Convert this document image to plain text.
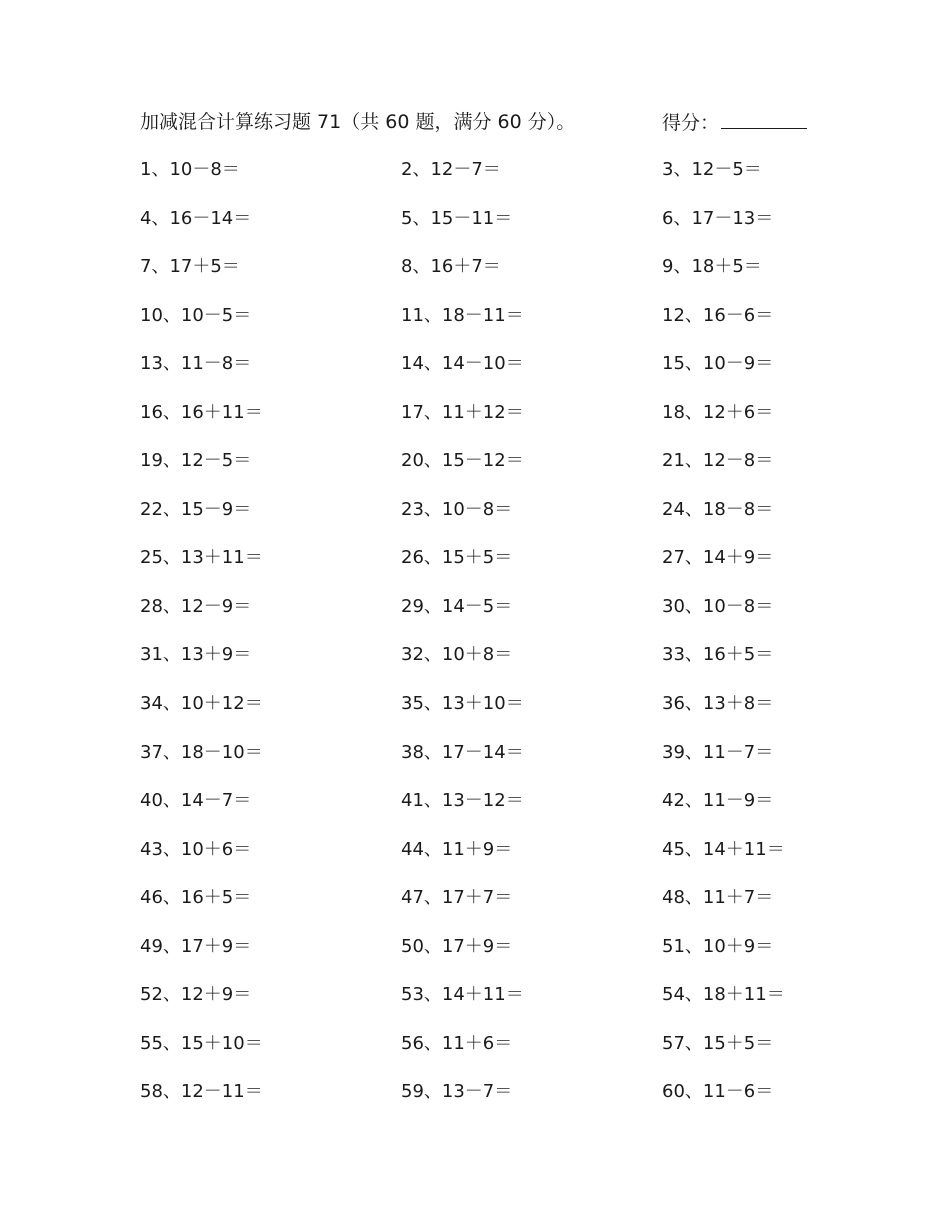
加减混合计算练习题 71（共 60 题，满分 60 分）。	得分：
1、10－8＝	2、12－7＝	3、12－5＝
4、16－14＝	5、15－11＝	6、17－13＝
7、17＋5＝	8、16＋7＝	9、18＋5＝
10、10－5＝	11、18－11＝	12、16－6＝
13、11－8＝	14、14－10＝	15、10－9＝
16、16＋11＝	17、11＋12＝	18、12＋6＝
19、12－5＝	20、15－12＝	21、12－8＝
22、15－9＝	23、10－8＝	24、18－8＝
25、13＋11＝	26、15＋5＝	27、14＋9＝
28、12－9＝	29、14－5＝	30、10－8＝
31、13＋9＝	32、10＋8＝	33、16＋5＝
34、10＋12＝	35、13＋10＝	36、13＋8＝
37、18－10＝	38、17－14＝	39、11－7＝
40、14－7＝	41、13－12＝	42、11－9＝
43、10＋6＝	44、11＋9＝	45、14＋11＝
46、16＋5＝	47、17＋7＝	48、11＋7＝
49、17＋9＝	50、17＋9＝	51、10＋9＝
52、12＋9＝	53、14＋11＝	54、18＋11＝
55、15＋10＝	56、11＋6＝	57、15＋5＝
58、12－11＝	59、13－7＝	60、11－6＝
